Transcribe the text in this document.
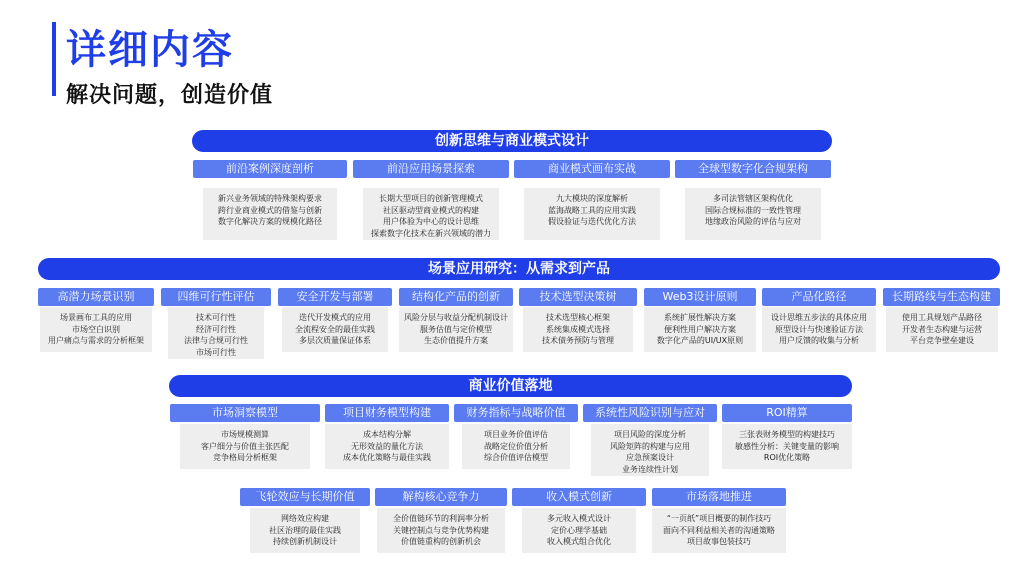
详细内容
解决问题，创造价值
创新思维与商业模式设计
前沿案例深度剖析
新兴业务领域的特殊架构要求
跨行业商业模式的借鉴与创新
数字化解决方案的规模化路径
前沿应用场景探索
长期大型项目的创新管理模式
社区驱动型商业模式的构建
用户体验为中心的设计思维
探索数字化技术在新兴领域的潜力
商业模式画布实战
九大模块的深度解析
蓝海战略工具的应用实践
假设验证与迭代优化方法
全球型数字化合规架构
多司法管辖区架构优化
国际合规标准的一致性管理
地缘政治风险的评估与应对
场景应用研究：从需求到产品
高潜力场景识别
场景画布工具的应用
市场空白识别
用户痛点与需求的分析框架
四维可行性评估
技术可行性
经济可行性
法律与合规可行性
市场可行性
安全开发与部署
迭代开发模式的应用
全流程安全的最佳实践
多层次质量保证体系
结构化产品的创新
风险分层与收益分配机制设计
服务估值与定价模型
生态价值提升方案
技术选型决策树
技术选型核心框架
系统集成模式选择
技术债务预防与管理
Web3设计原则
系统扩展性解决方案
便利性用户解决方案
数字化产品的UI/UX原则
产品化路径
设计思维五步法的具体应用
原型设计与快速验证方法
用户反馈的收集与分析
长期路线与生态构建
使用工具规划产品路径
开发者生态构建与运营
平台竞争壁垒建设
商业价值落地
市场洞察模型
市场规模测算
客户细分与价值主张匹配
竞争格局分析框架
项目财务模型构建
成本结构分解
无形效益的量化方法
成本优化策略与最佳实践
财务指标与战略价值
项目业务价值评估
战略定位价值分析
综合价值评估模型
系统性风险识别与应对
项目风险的深度分析
风险矩阵的构建与应用
应急预案设计
业务连续性计划
ROI精算
三张表财务模型的构建技巧
敏感性分析：关键变量的影响
ROI优化策略
飞轮效应与长期价值
网络效应构建
社区治理的最佳实践
持续创新机制设计
解构核心竞争力
全价值链环节的利润率分析
关键控制点与竞争优势构建
价值链重构的创新机会
收入模式创新
多元收入模式设计
定价心理学基础
收入模式组合优化
市场落地推进
“一页纸”项目概要的制作技巧
面向不同利益相关者的沟通策略
项目故事包装技巧
